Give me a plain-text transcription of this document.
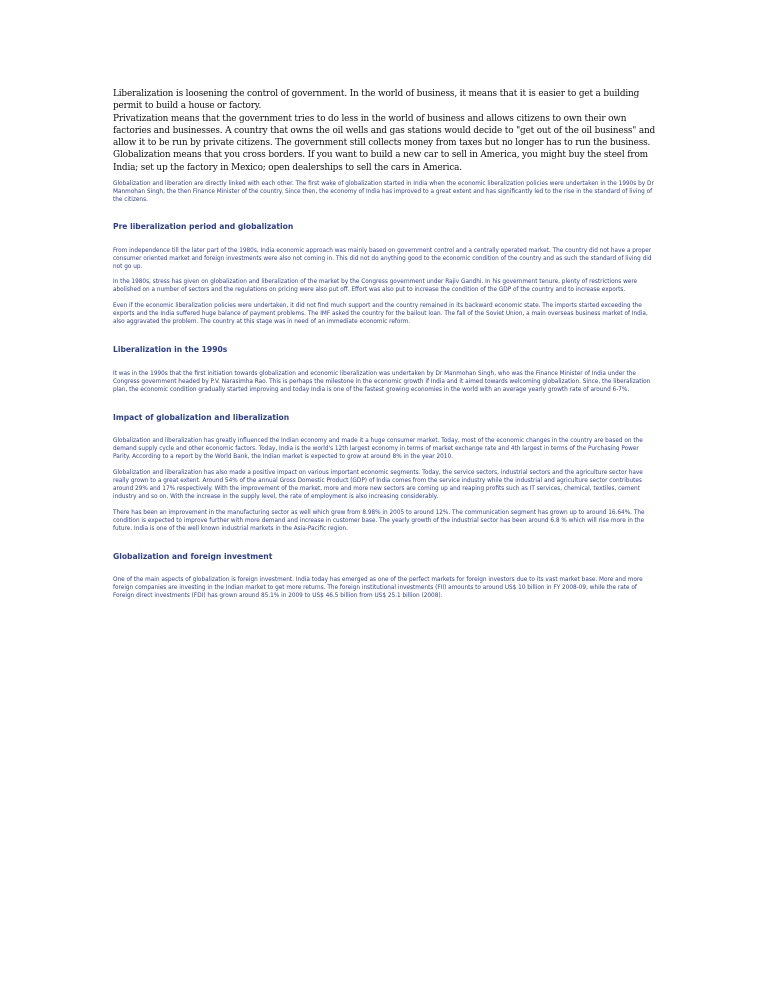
Liberalization is loosening the control of government. In the world of business, it means that it is easier to get a building permit to build a house or factory.

Privatization means that the government tries to do less in the world of business and allows citizens to own their own factories and businesses. A country that owns the oil wells and gas stations would decide to "get out of the oil business" and allow it to be run by private citizens. The government still collects money from taxes but no longer has to run the business.

Globalization means that you cross borders. If you want to build a new car to sell in America, you might buy the steel from India; set up the factory in Mexico; open dealerships to sell the cars in America.

Globalization and liberation are directly linked with each other. The first wake of globalization started in India when the economic liberalization policies were undertaken in the 1990s by Dr Manmohan Singh, the then Finance Minister of the country. Since then, the economy of India has improved to a great extent and has significantly led to the rise in the standard of living of the citizens.

Pre liberalization period and globalization

From independence till the later part of the 1980s, India economic approach was mainly based on government control and a centrally operated market. The country did not have a proper consumer oriented market and foreign investments were also not coming in. This did not do anything good to the economic condition of the country and as such the standard of living did not go up.

In the 1980s, stress has given on globalization and liberalization of the market by the Congress government under Rajiv Gandhi. In his government tenure, plenty of restrictions were abolished on a number of sectors and the regulations on pricing were also put off. Effort was also put to increase the condition of the GDP of the country and to increase exports.

Even if the economic liberalization policies were undertaken, it did not find much support and the country remained in its backward economic state. The imports started exceeding the exports and the India suffered huge balance of payment problems. The IMF asked the country for the bailout loan. The fall of the Soviet Union, a main overseas business market of India, also aggravated the problem. The country at this stage was in need of an immediate economic reform.

Liberalization in the 1990s

It was in the 1990s that the first initiation towards globalization and economic liberalization was undertaken by Dr Manmohan Singh, who was the Finance Minister of India under the Congress government headed by P.V. Narasimha Rao. This is perhaps the milestone in the economic growth if India and it aimed towards welcoming globalization. Since, the liberalization plan, the economic condition gradually started improving and today India is one of the fastest growing economies in the world with an average yearly growth rate of around 6-7%.

Impact of globalization and liberalization

Globalization and liberalization has greatly influenced the Indian economy and made it a huge consumer market. Today, most of the economic changes in the country are based on the demand supply cycle and other economic factors. Today, India is the world's 12th largest economy in terms of market exchange rate and 4th largest in terms of the Purchasing Power Parity. According to a report by the World Bank, the Indian market is expected to grow at around 8% in the year 2010.

Globalization and liberalization has also made a positive impact on various important economic segments. Today, the service sectors, industrial sectors and the agriculture sector have really grown to a great extent. Around 54% of the annual Gross Domestic Product (GDP) of India comes from the service industry while the industrial and agriculture sector contributes around 29% and 17% respectively. With the improvement of the market, more and more new sectors are coming up and reaping profits such as IT services, chemical, textiles, cement industry and so on. With the increase in the supply level, the rate of employment is also increasing considerably.

There has been an improvement in the manufacturing sector as well which grew from 8.98% in 2005 to around 12%. The communication segment has grown up to around 16.64%. The condition is expected to improve further with more demand and increase in customer base. The yearly growth of the industrial sector has been around 6.8 % which will rise more in the future. India is one of the well known industrial markets in the Asia-Pacific region.

Globalization and foreign investment

One of the main aspects of globalization is foreign investment. India today has emerged as one of the perfect markets for foreign investors due to its vast market base. More and more foreign companies are investing in the Indian market to get more returns. The foreign institutional investments (FII) amounts to around US$ 10 billion in FY 2008-09, while the rate of Foreign direct investments (FDI) has grown around 85.1% in 2009 to US$ 46.5 billion from US$ 25.1 billion (2008).
